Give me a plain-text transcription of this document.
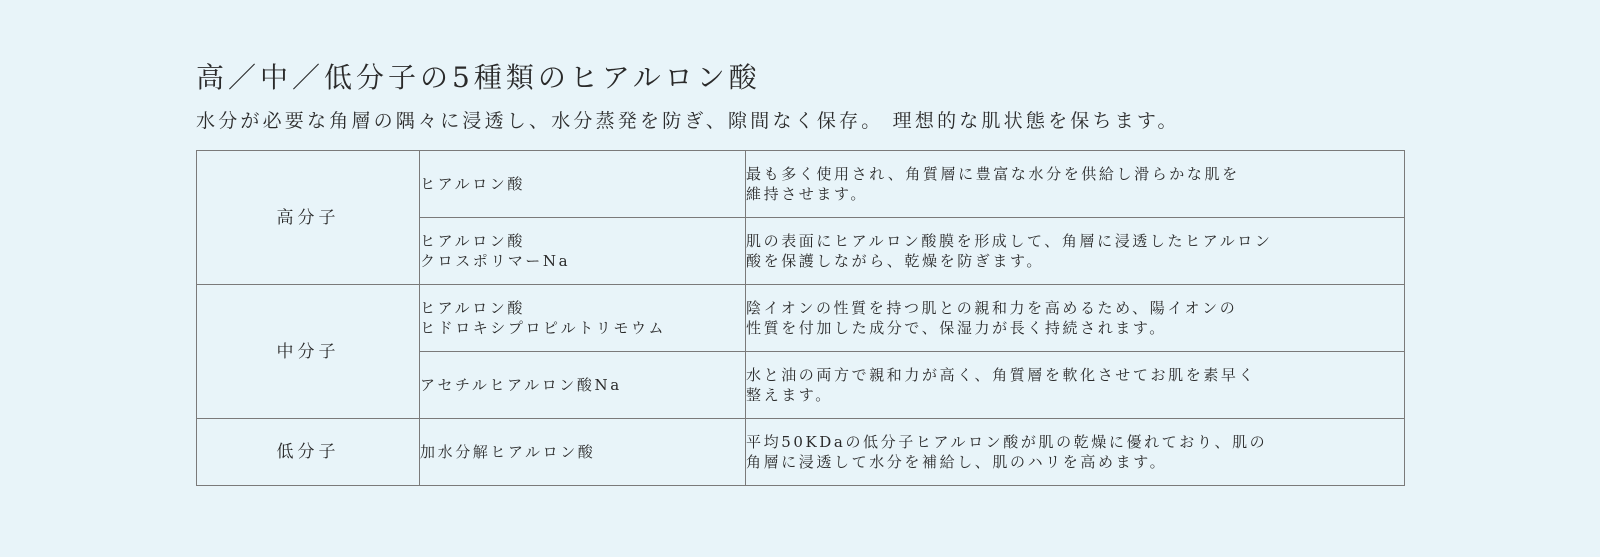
高／中／低分子の5種類のヒアルロン酸

水分が必要な角層の隅々に浸透し、水分蒸発を防ぎ、隙間なく保存。 理想的な肌状態を保ちます。

高分子	ヒアルロン酸	最も多く使用され、角質層に豊富な水分を供給し滑らかな肌を
維持させます。

	ヒアルロン酸
クロスポリマーNa	肌の表面にヒアルロン酸膜を形成して、角層に浸透したヒアルロン
酸を保護しながら、乾燥を防ぎます。

中分子	ヒアルロン酸
ヒドロキシプロピルトリモウム	陰イオンの性質を持つ肌との親和力を高めるため、陽イオンの
性質を付加した成分で、保湿力が長く持続されます。

	アセチルヒアルロン酸Na	水と油の両方で親和力が高く、角質層を軟化させてお肌を素早く
整えます。

低分子	加水分解ヒアルロン酸	平均50KDaの低分子ヒアルロン酸が肌の乾燥に優れており、肌の
角層に浸透して水分を補給し、肌のハリを高めます。
